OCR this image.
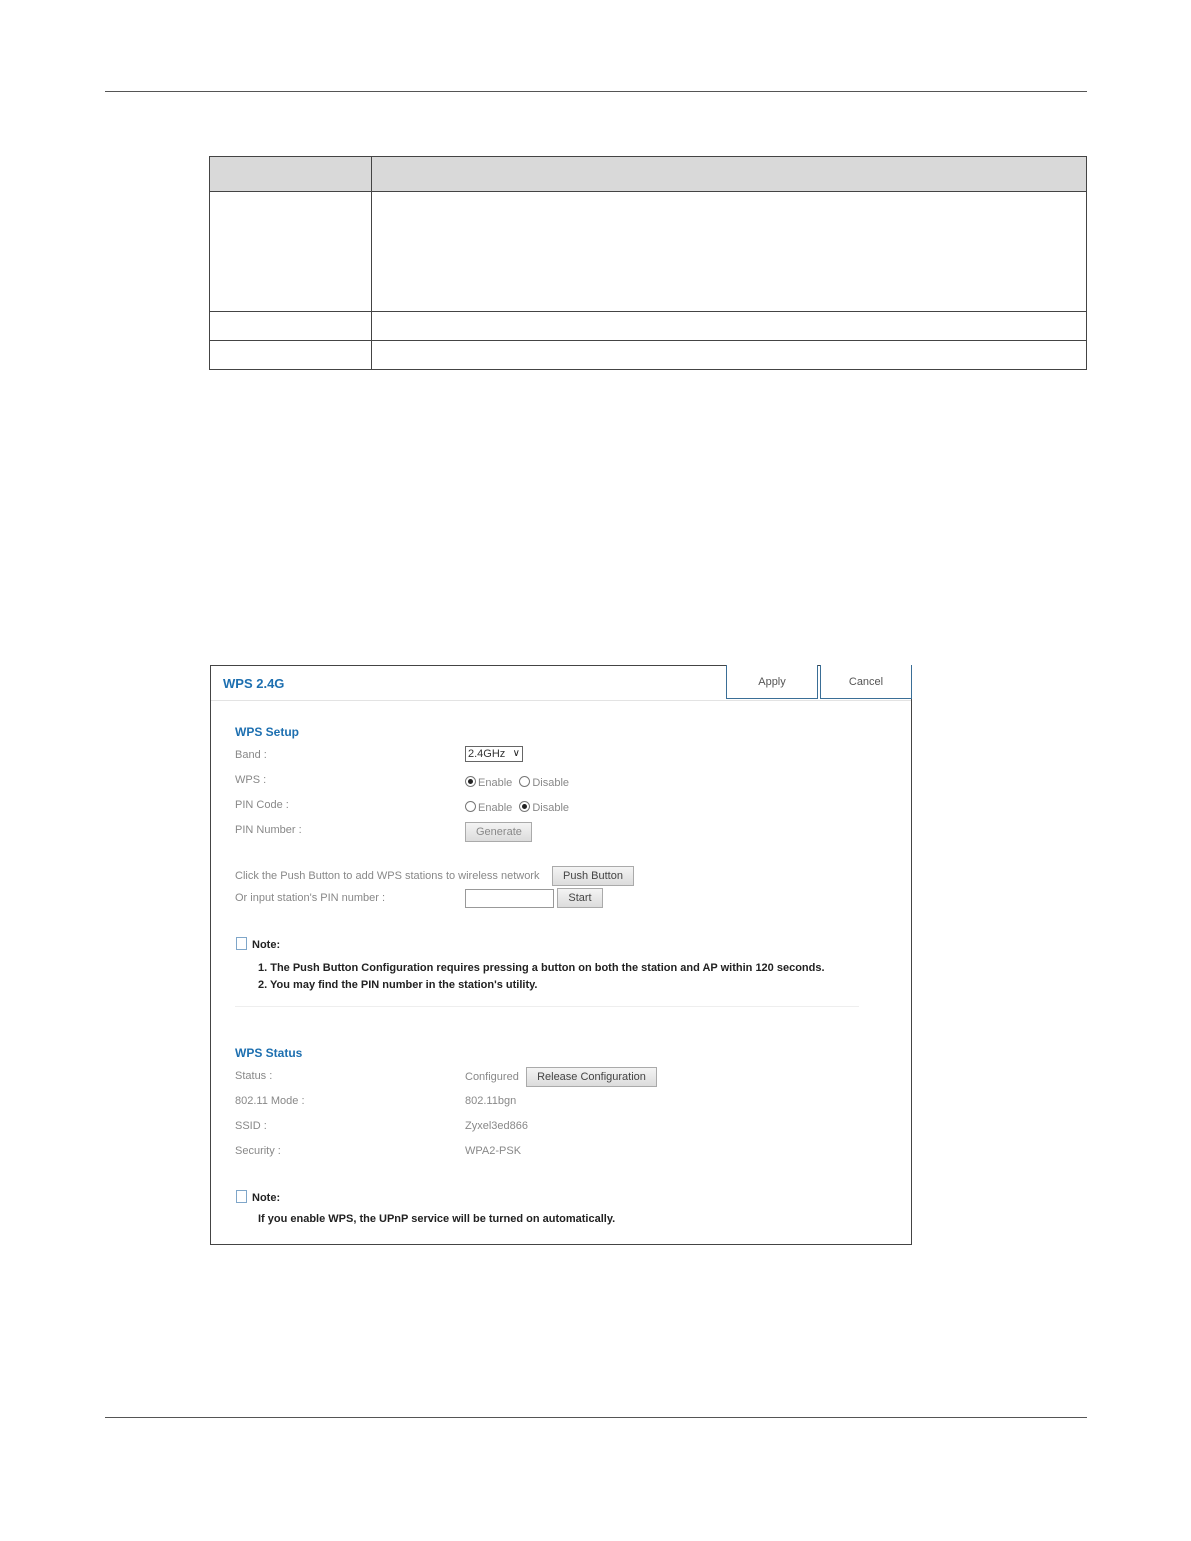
WPS 2.4G	Apply	Cancel
WPS Setup
Band :	2.4GHz ∨
WPS :	Enable Disable
PIN Code :	Enable Disable
PIN Number :	Generate
Click the Push Button to add WPS stations to wireless network	Push Button
Or input station's PIN number :	Start
Note:
1. The Push Button Configuration requires pressing a button on both the station and AP within 120 seconds.
2. You may find the PIN number in the station's utility.
WPS Status
Status :	Configured	Release Configuration
802.11 Mode :	802.11bgn
SSID :	Zyxel3ed866
Security :	WPA2-PSK
Note:
If you enable WPS, the UPnP service will be turned on automatically.
